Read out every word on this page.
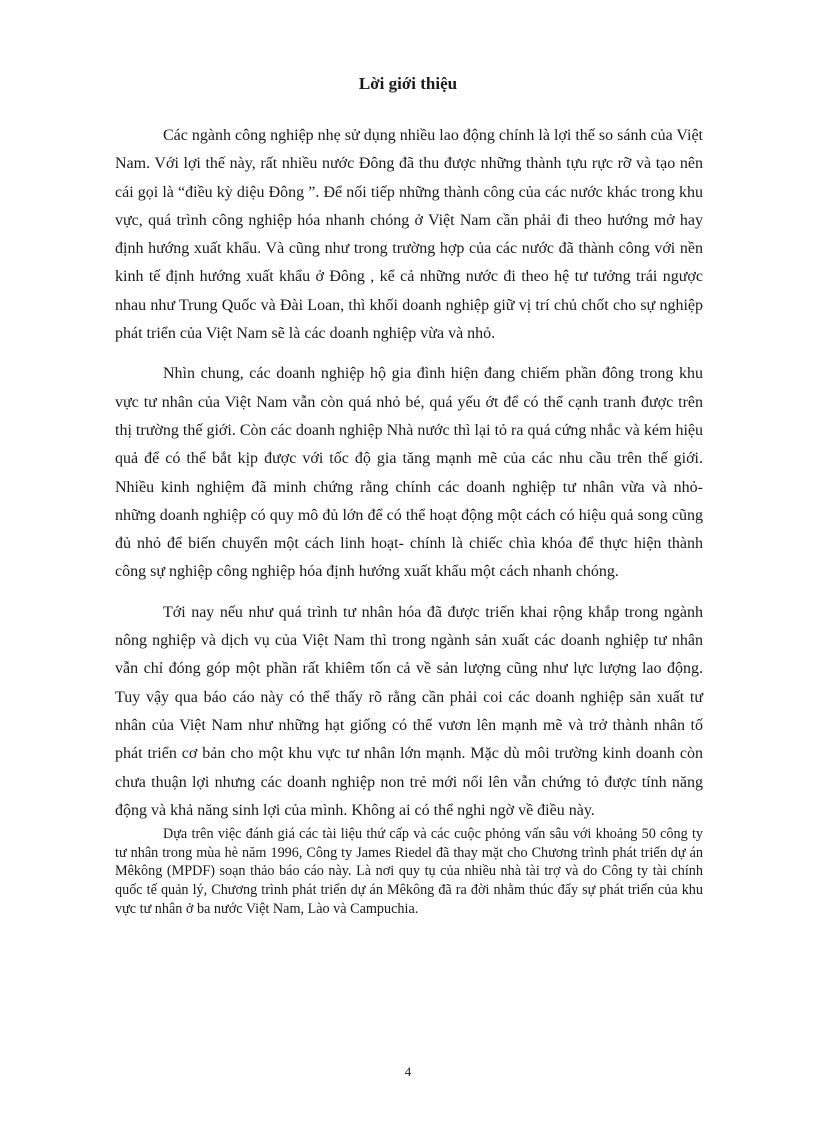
Lời giới thiệu

Các ngành công nghiệp nhẹ sử dụng nhiều lao động chính là lợi thế so sánh của Việt Nam. Với lợi thế này, rất nhiều nước Đông đã thu được những thành tựu rực rỡ và tạo nên cái gọi là “điều kỳ diệu Đông ”. Để nối tiếp những thành công của các nước khác trong khu vực, quá trình công nghiệp hóa nhanh chóng ở Việt Nam cần phải đi theo hướng mở hay định hướng xuất khẩu. Và cũng như trong trường hợp của các nước đã thành công với nền kinh tế định hướng xuất khẩu ở Đông , kể cả những nước đi theo hệ tư tưởng trái ngược nhau như Trung Quốc và Đài Loan, thì khối doanh nghiệp giữ vị trí chủ chốt cho sự nghiệp phát triển của Việt Nam sẽ là các doanh nghiệp vừa và nhỏ.

Nhìn chung, các doanh nghiệp hộ gia đình hiện đang chiếm phần đông trong khu vực tư nhân của Việt Nam vẫn còn quá nhỏ bé, quá yếu ớt để có thể cạnh tranh được trên thị trường thế giới. Còn các doanh nghiệp Nhà nước thì lại tỏ ra quá cứng nhắc và kém hiệu quả để có thể bắt kịp được với tốc độ gia tăng mạnh mẽ của các nhu cầu trên thế giới. Nhiều kinh nghiệm đã minh chứng rằng chính các doanh nghiệp tư nhân vừa và nhỏ- những doanh nghiệp có quy mô đủ lớn để có thể hoạt động một cách có hiệu quả song cũng đủ nhỏ để biến chuyển một cách linh hoạt- chính là chiếc chìa khóa để thực hiện thành công sự nghiệp công nghiệp hóa định hướng xuất khẩu một cách nhanh chóng.

Tới nay nếu như quá trình tư nhân hóa đã được triển khai rộng khắp trong ngành nông nghiệp và dịch vụ của Việt Nam thì trong ngành sản xuất các doanh nghiệp tư nhân vẫn chỉ đóng góp một phần rất khiêm tốn cả về sản lượng cũng như lực lượng lao động. Tuy vậy qua báo cáo này có thể thấy rõ rằng cần phải coi các doanh nghiệp sản xuất tư nhân của Việt Nam như những hạt giống có thể vươn lên mạnh mẽ và trở thành nhân tố phát triển cơ bản cho một khu vực tư nhân lớn mạnh. Mặc dù môi trường kinh doanh còn chưa thuận lợi nhưng các doanh nghiệp non trẻ mới nổi lên vẫn chứng tỏ được tính năng động và khả năng sinh lợi của mình. Không ai có thể nghi ngờ về điều này.

Dựa trên việc đánh giá các tài liệu thứ cấp và các cuộc phỏng vấn sâu với khoảng 50 công ty tư nhân trong mùa hè năm 1996, Công ty James Riedel đã thay mặt cho Chương trình phát triển dự án Mêkông (MPDF) soạn thảo báo cáo này. Là nơi quy tụ của nhiều nhà tài trợ và do Công ty tài chính quốc tế quản lý, Chương trình phát triển dự án Mêkông đã ra đời nhằm thúc đẩy sự phát triển của khu vực tư nhân ở ba nước Việt Nam, Lào và Campuchia.

4
